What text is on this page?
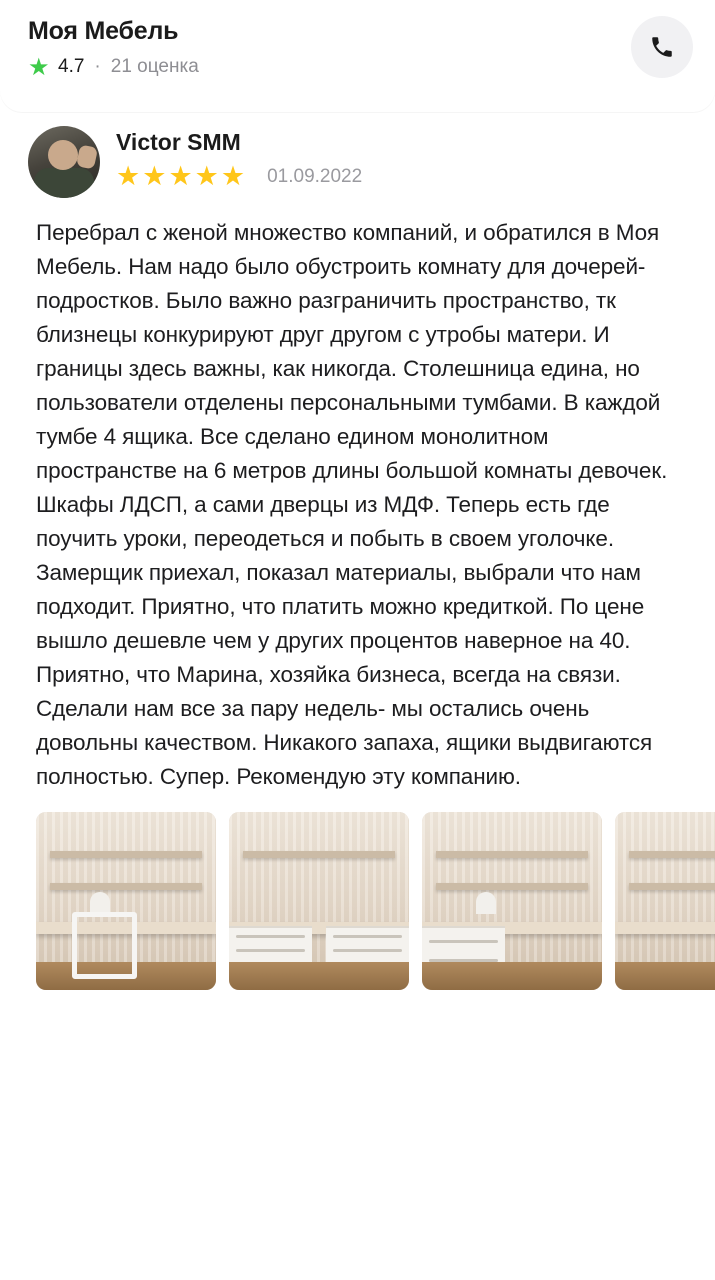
Моя Мебель
★ 4.7 · 21 оценка
Victor SMM
★ ★ ★ ★ ★ 01.09.2022

Перебрал с женой множество компаний, и обратился в Моя Мебель. Нам надо было обустроить комнату для дочерей-подростков. Было важно разграничить пространство, тк близнецы конкурируют друг другом с утробы матери. И границы здесь важны, как никогда. Столешница едина, но пользователи отделены персональными тумбами. В каждой тумбе 4 ящика. Все сделано едином монолитном пространстве на 6 метров длины большой комнаты девочек. Шкафы ЛДСП, а сами дверцы из МДФ. Теперь есть где поучить уроки, переодеться и побыть в своем уголочке. Замерщик приехал, показал материалы, выбрали что нам подходит. Приятно, что платить можно кредиткой. По цене вышло дешевле чем у других процентов наверное на 40. Приятно, что Марина, хозяйка бизнеса, всегда на связи. Сделали нам все за пару недель- мы остались очень довольны качеством. Никакого запаха, ящики выдвигаются полностью. Супер. Рекомендую эту компанию.
